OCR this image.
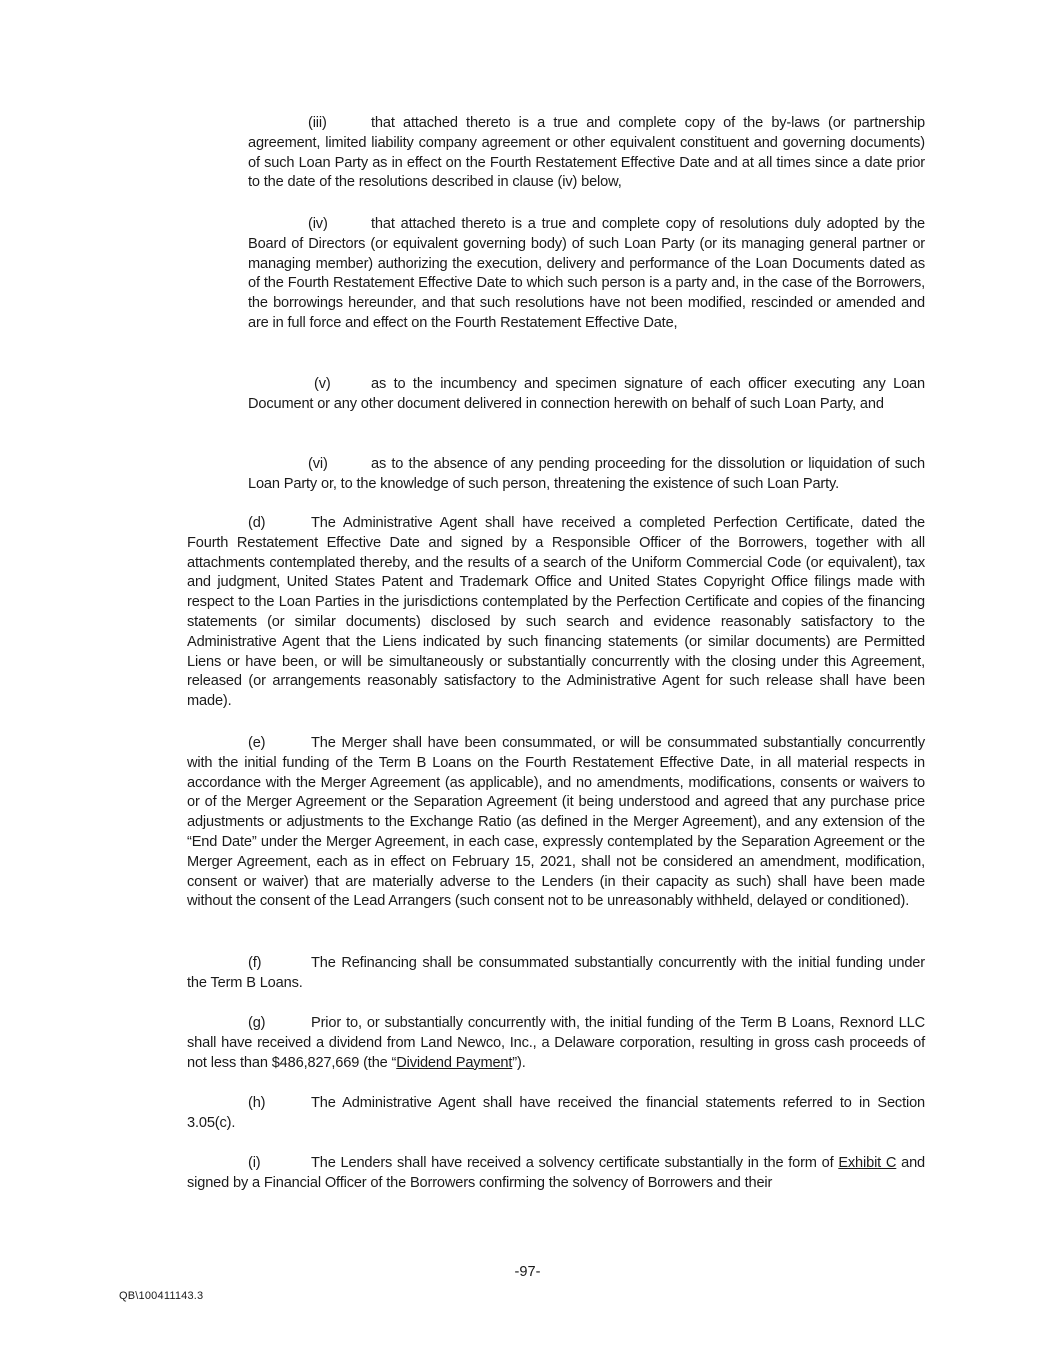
(iii)	that attached thereto is a true and complete copy of the by-laws (or partnership agreement, limited liability company agreement or other equivalent constituent and governing documents) of such Loan Party as in effect on the Fourth Restatement Effective Date and at all times since a date prior to the date of the resolutions described in clause (iv) below,

(iv)	that attached thereto is a true and complete copy of resolutions duly adopted by the Board of Directors (or equivalent governing body) of such Loan Party (or its managing general partner or managing member) authorizing the execution, delivery and performance of the Loan Documents dated as of the Fourth Restatement Effective Date to which such person is a party and, in the case of the Borrowers, the borrowings hereunder, and that such resolutions have not been modified, rescinded or amended and are in full force and effect on the Fourth Restatement Effective Date,

(v)	as to the incumbency and specimen signature of each officer executing any Loan Document or any other document delivered in connection herewith on behalf of such Loan Party, and

(vi)	as to the absence of any pending proceeding for the dissolution or liquidation of such Loan Party or, to the knowledge of such person, threatening the existence of such Loan Party.

(d)	The Administrative Agent shall have received a completed Perfection Certificate, dated the Fourth Restatement Effective Date and signed by a Responsible Officer of the Borrowers, together with all attachments contemplated thereby, and the results of a search of the Uniform Commercial Code (or equivalent), tax and judgment, United States Patent and Trademark Office and United States Copyright Office filings made with respect to the Loan Parties in the jurisdictions contemplated by the Perfection Certificate and copies of the financing statements (or similar documents) disclosed by such search and evidence reasonably satisfactory to the Administrative Agent that the Liens indicated by such financing statements (or similar documents) are Permitted Liens or have been, or will be simultaneously or substantially concurrently with the closing under this Agreement, released (or arrangements reasonably satisfactory to the Administrative Agent for such release shall have been made).

(e)	The Merger shall have been consummated, or will be consummated substantially concurrently with the initial funding of the Term B Loans on the Fourth Restatement Effective Date, in all material respects in accordance with the Merger Agreement (as applicable), and no amendments, modifications, consents or waivers to or of the Merger Agreement or the Separation Agreement (it being understood and agreed that any purchase price adjustments or adjustments to the Exchange Ratio (as defined in the Merger Agreement), and any extension of the “End Date” under the Merger Agreement, in each case, expressly contemplated by the Separation Agreement or the Merger Agreement, each as in effect on February 15, 2021, shall not be considered an amendment, modification, consent or waiver) that are materially adverse to the Lenders (in their capacity as such) shall have been made without the consent of the Lead Arrangers (such consent not to be unreasonably withheld, delayed or conditioned).

(f)	The Refinancing shall be consummated substantially concurrently with the initial funding under the Term B Loans.

(g)	Prior to, or substantially concurrently with, the initial funding of the Term B Loans, Rexnord LLC shall have received a dividend from Land Newco, Inc., a Delaware corporation, resulting in gross cash proceeds of not less than $486,827,669 (the “Dividend Payment”).

(h)	The Administrative Agent shall have received the financial statements referred to in Section 3.05(c).

(i)	The Lenders shall have received a solvency certificate substantially in the form of Exhibit C and signed by a Financial Officer of the Borrowers confirming the solvency of Borrowers and their

-97-
QB\100411143.3
